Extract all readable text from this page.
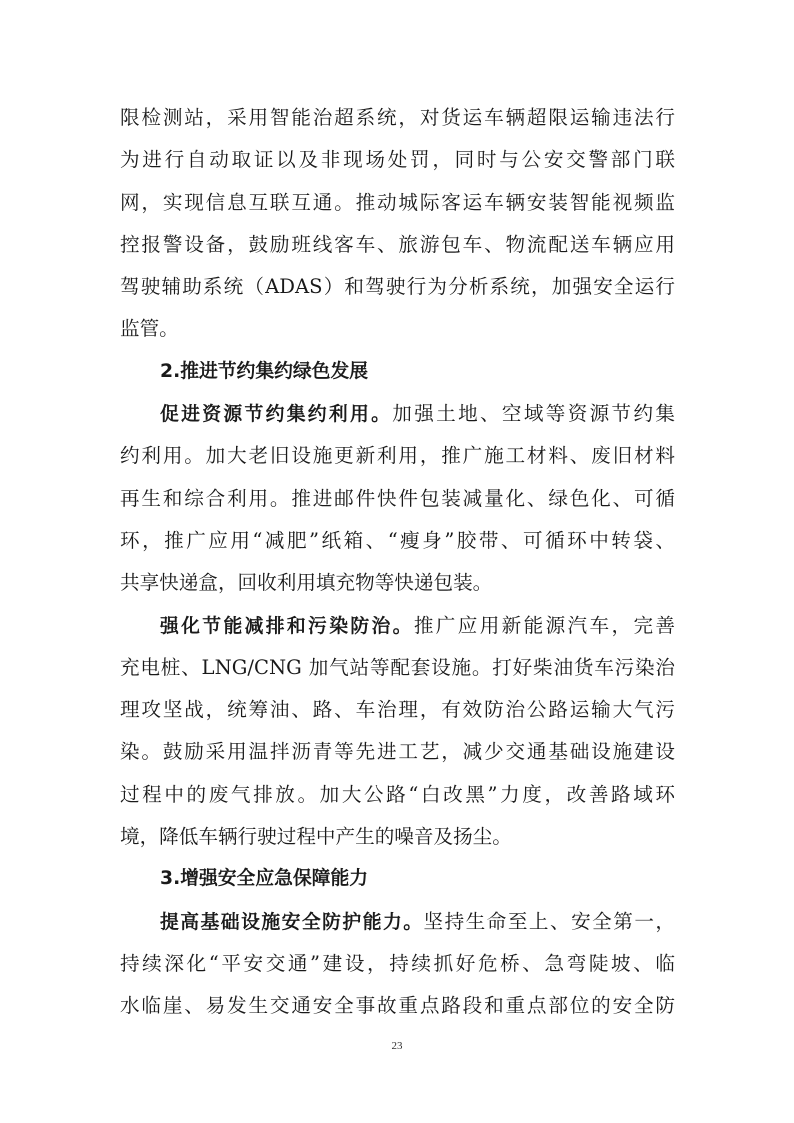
限检测站，采用智能治超系统，对货运车辆超限运输违法行
为进行自动取证以及非现场处罚，同时与公安交警部门联
网，实现信息互联互通。推动城际客运车辆安装智能视频监
控报警设备，鼓励班线客车、旅游包车、物流配送车辆应用
驾驶辅助系统（ADAS）和驾驶行为分析系统，加强安全运行
监管。
2.推进节约集约绿色发展
促进资源节约集约利用。加强土地、空域等资源节约集
约利用。加大老旧设施更新利用，推广施工材料、废旧材料
再生和综合利用。推进邮件快件包装减量化、绿色化、可循
环，推广应用“减肥”纸箱、“瘦身”胶带、可循环中转袋、
共享快递盒，回收利用填充物等快递包装。
强化节能减排和污染防治。推广应用新能源汽车，完善
充电桩、LNG/CNG 加气站等配套设施。打好柴油货车污染治
理攻坚战，统筹油、路、车治理，有效防治公路运输大气污
染。鼓励采用温拌沥青等先进工艺，减少交通基础设施建设
过程中的废气排放。加大公路“白改黑”力度，改善路域环
境，降低车辆行驶过程中产生的噪音及扬尘。
3.增强安全应急保障能力
提高基础设施安全防护能力。坚持生命至上、安全第一，
持续深化“平安交通”建设，持续抓好危桥、急弯陡坡、临
水临崖、易发生交通安全事故重点路段和重点部位的安全防
23
